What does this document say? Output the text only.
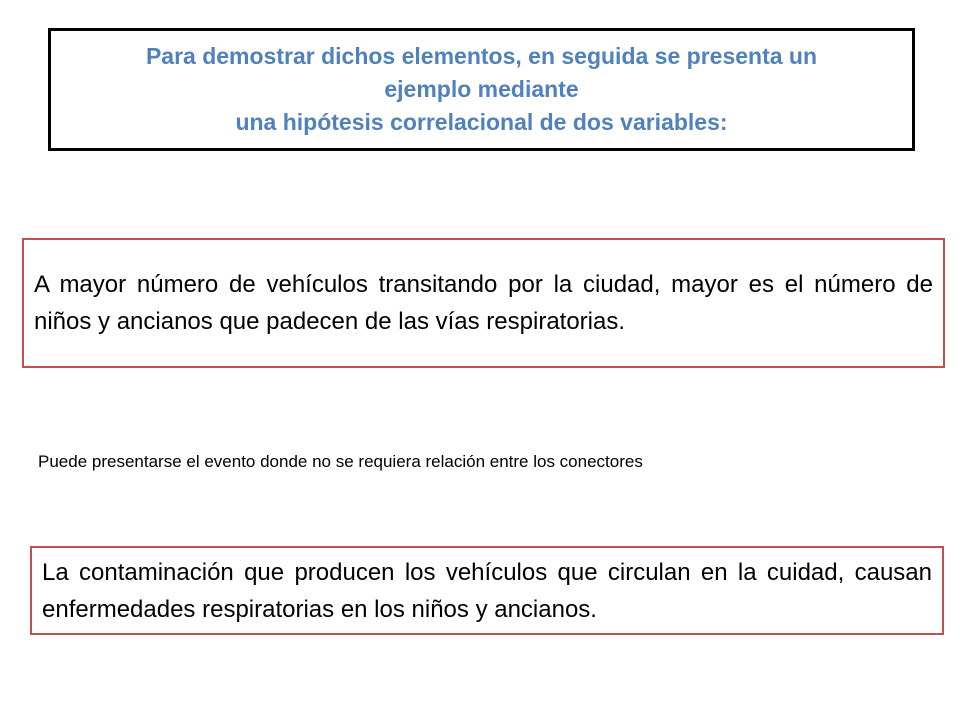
Para demostrar dichos elementos, en seguida se presenta un
ejemplo mediante
una hipótesis correlacional de dos variables:
A mayor número de vehículos transitando por la ciudad, mayor es el número de niños y ancianos que padecen de las vías respiratorias.
Puede presentarse el evento donde no se requiera relación entre los conectores
La contaminación que producen los vehículos que circulan en la cuidad, causan enfermedades respiratorias en los niños y ancianos.
